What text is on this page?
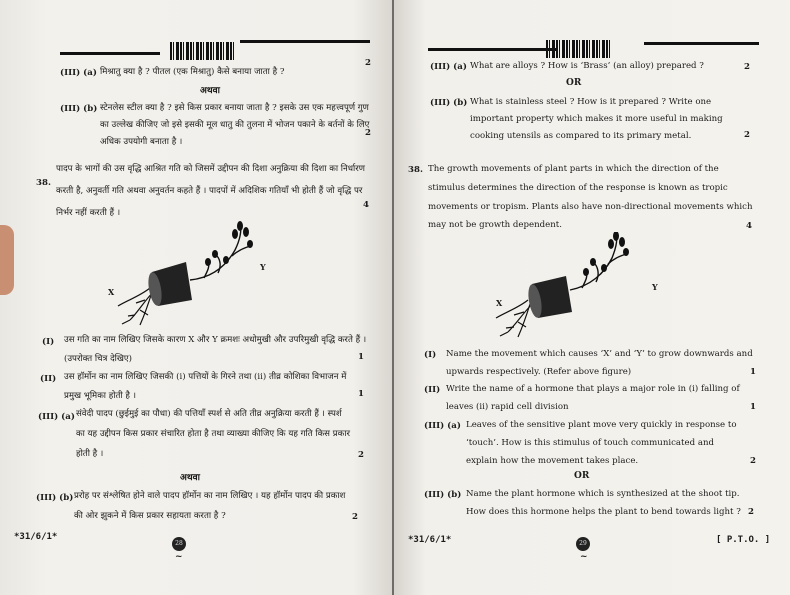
(III) (a) मिश्रातु क्या है ? पीतल (एक मिश्रातु) कैसे बनाया जाता है ?
2
अथवा
(III) (b) स्टेनलेस स्टील क्या है ? इसे किस प्रकार बनाया जाता है ? इसके उस एक महत्त्वपूर्ण गुण
का उल्लेख कीजिए जो इसे इसकी मूल धातु की तुलना में भोजन पकाने के बर्तनों के लिए
अधिक उपयोगी बनाता है ।
2
38.
पादप के भागों की उस वृद्धि आश्रित गति को जिसमें उद्दीपन की दिशा अनुक्रिया की दिशा का निर्धारण
करती है, अनुवर्ती गति अथवा अनुवर्तन कहते हैं । पादपों में अदिशिक गतियाँ भी होती हैं जो वृद्धि पर
निर्भर नहीं करती हैं ।
4
X
Y
(I) उस गति का नाम लिखिए जिसके कारण X और Y क्रमशः अधोमुखी और उपरिमुखी वृद्धि करते हैं ।
(उपरोक्त चित्र देखिए)	1
(II) उस हॉर्मोन का नाम लिखिए जिसकी (i) पत्तियों के गिरने तथा (ii) तीव्र कोशिका विभाजन में
प्रमुख भूमिका होती है ।	1
(III) (a) संवेदी पादप (छुईमुई का पौधा) की पत्तियाँ स्पर्श से अति तीव्र अनुक्रिया करती हैं । स्पर्श
का यह उद्दीपन किस प्रकार संचारित होता है तथा व्याख्या कीजिए कि यह गति किस प्रकार
होती है ।	2
अथवा
(III) (b) प्ररोह पर संश्लेषित होने वाले पादप हॉर्मोन का नाम लिखिए । यह हॉर्मोन पादप की प्रकाश
की ओर झुकने में किस प्रकार सहायता करता है ?	2
*31/6/1*
28
~
(III) (a) What are alloys ? How is ‘Brass’ (an alloy) prepared ?	2
OR
(III) (b) What is stainless steel ? How is it prepared ? Write one
important property which makes it more useful in making
cooking utensils as compared to its primary metal.	2
38. The growth movements of plant parts in which the direction of the
stimulus determines the direction of the response is known as tropic
movements or tropism. Plants also have non-directional movements which
may not be growth dependent.	4
X
Y
(I) Name the movement which causes ‘X’ and ‘Y’ to grow downwards and
upwards respectively. (Refer above figure)	1
(II) Write the name of a hormone that plays a major role in (i) falling of
leaves (ii) rapid cell division	1
(III) (a) Leaves of the sensitive plant move very quickly in response to
‘touch’. How is this stimulus of touch communicated and
explain how the movement takes place.	2
OR
(III) (b) Name the plant hormone which is synthesized at the shoot tip.
How does this hormone helps the plant to bend towards light ? 2
*31/6/1*	29
~
[ P.T.O. ]
